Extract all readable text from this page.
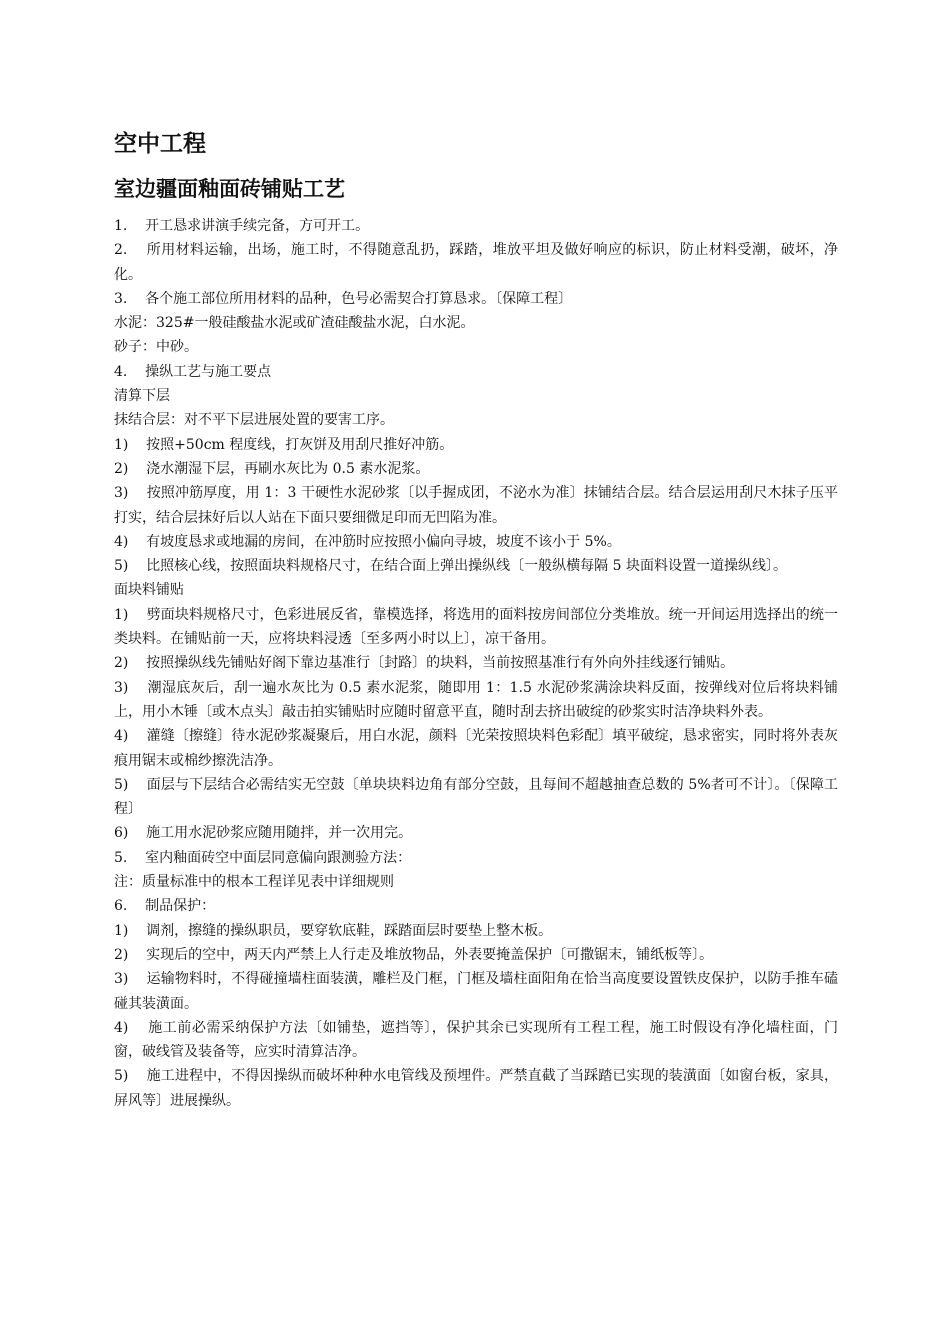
空中工程
室边疆面釉面砖铺贴工艺

1.    开工恳求讲演手续完备，方可开工。

2.    所用材料运输，出场，施工时，不得随意乱扔，踩踏，堆放平坦及做好响应的标识，防止材料受潮，破坏，净化。

3.    各个施工部位所用材料的品种，色号必需契合打算恳求。〔保障工程〕

水泥：325#一般硅酸盐水泥或矿渣硅酸盐水泥，白水泥。

砂子：中砂。

4.    操纵工艺与施工要点

清算下层

抹结合层：对不平下层进展处置的要害工序。

1)    按照+50cm 程度线，打灰饼及用刮尺推好冲筋。

2)    浇水潮湿下层，再刷水灰比为 0.5 素水泥浆。

3)    按照冲筋厚度，用 1：3 干硬性水泥砂浆〔以手握成团，不泌水为准〕抹铺结合层。结合层运用刮尺木抹子压平打实，结合层抹好后以人站在下面只要细微足印而无凹陷为准。

4)    有坡度恳求或地漏的房间，在冲筋时应按照小偏向寻坡，坡度不该小于 5%。

5)    比照核心线，按照面块料规格尺寸，在结合面上弹出操纵线〔一般纵横每隔 5 块面料设置一道操纵线〕。

面块料铺贴

1)    劈面块料规格尺寸，色彩进展反省，靠模选择，将选用的面料按房间部位分类堆放。统一开间运用选择出的统一类块料。在铺贴前一天，应将块料浸透〔至多两小时以上〕，凉干备用。

2)    按照操纵线先铺贴好阁下靠边基准行〔封路〕的块料，当前按照基准行有外向外挂线逐行铺贴。

3)    潮湿底灰后，刮一遍水灰比为 0.5 素水泥浆，随即用 1：1.5 水泥砂浆满涂块料反面，按弹线对位后将块料铺上，用小木锤〔或木点头〕敲击拍实铺贴时应随时留意平直，随时刮去挤出破绽的砂浆实时洁净块料外表。

4)    灌缝〔擦缝〕待水泥砂浆凝聚后，用白水泥，颜料〔光荣按照块料色彩配〕填平破绽，恳求密实，同时将外表灰痕用锯末或棉纱擦洗洁净。

5)    面层与下层结合必需结实无空鼓〔单块块料边角有部分空鼓，且每间不超越抽查总数的 5%者可不计〕。〔保障工程〕

6)    施工用水泥砂浆应随用随拌，并一次用完。

5.    室内釉面砖空中面层同意偏向跟测验方法：

注：质量标准中的根本工程详见表中详细规则

6.    制品保护：

1)    调剂，擦缝的操纵职员，要穿软底鞋，踩踏面层时要垫上整木板。

2)    实现后的空中，两天内严禁上人行走及堆放物品，外表要掩盖保护〔可撒锯末，铺纸板等〕。

3)    运输物料时，不得碰撞墙柱面装潢，雕栏及门框，门框及墙柱面阳角在恰当高度要设置铁皮保护，以防手推车磕碰其装潢面。

4)    施工前必需采纳保护方法〔如铺垫，遮挡等〕，保护其余已实现所有工程工程，施工时假设有净化墙柱面，门窗，破线管及装备等，应实时清算洁净。

5)    施工进程中，不得因操纵而破坏种种水电管线及预埋件。严禁直截了当踩踏已实现的装潢面〔如窗台板，家具，屏风等〕进展操纵。
